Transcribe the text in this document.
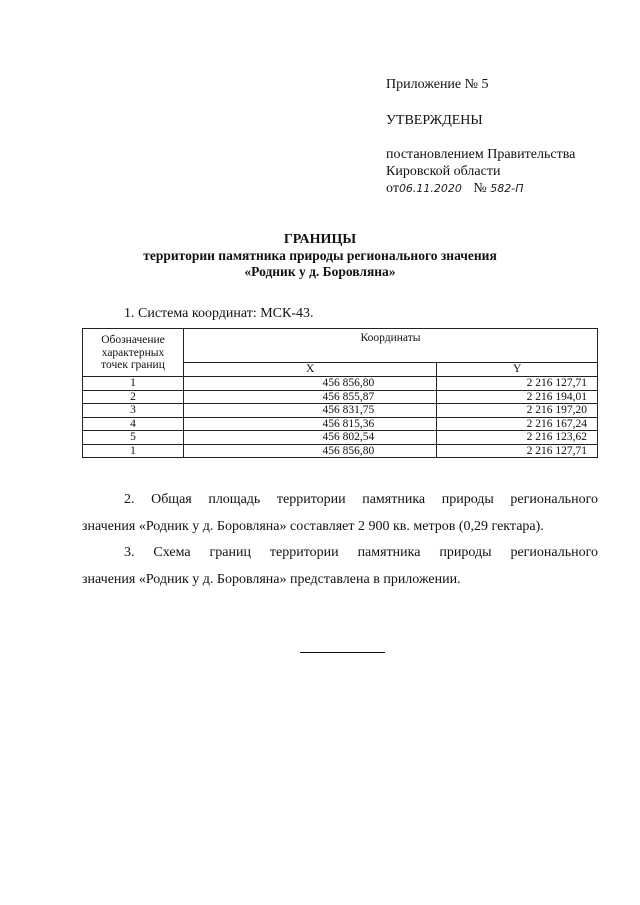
Приложение № 5
УТВЕРЖДЕНЫ
постановлением Правительства
Кировской области
от06.11.2020 № 582-П
ГРАНИЦЫ
территории памятника природы регионального значения
«Родник у д. Боровляна»
1. Система координат: МСК-43.
Обозначение
характерных
точек границ	Координаты	
	X	Y
1	456 856,80	2 216 127,71
2	456 855,87	2 216 194,01
3	456 831,75	2 216 197,20
4	456 815,36	2 216 167,24
5	456 802,54	2 216 123,62
1	456 856,80	2 216 127,71
2. Общая площадь территории памятника природы регионального
значения «Родник у д. Боровляна» составляет 2 900 кв. метров (0,29 гектара).
3. Схема границ территории памятника природы регионального
значения «Родник у д. Боровляна» представлена в приложении.
